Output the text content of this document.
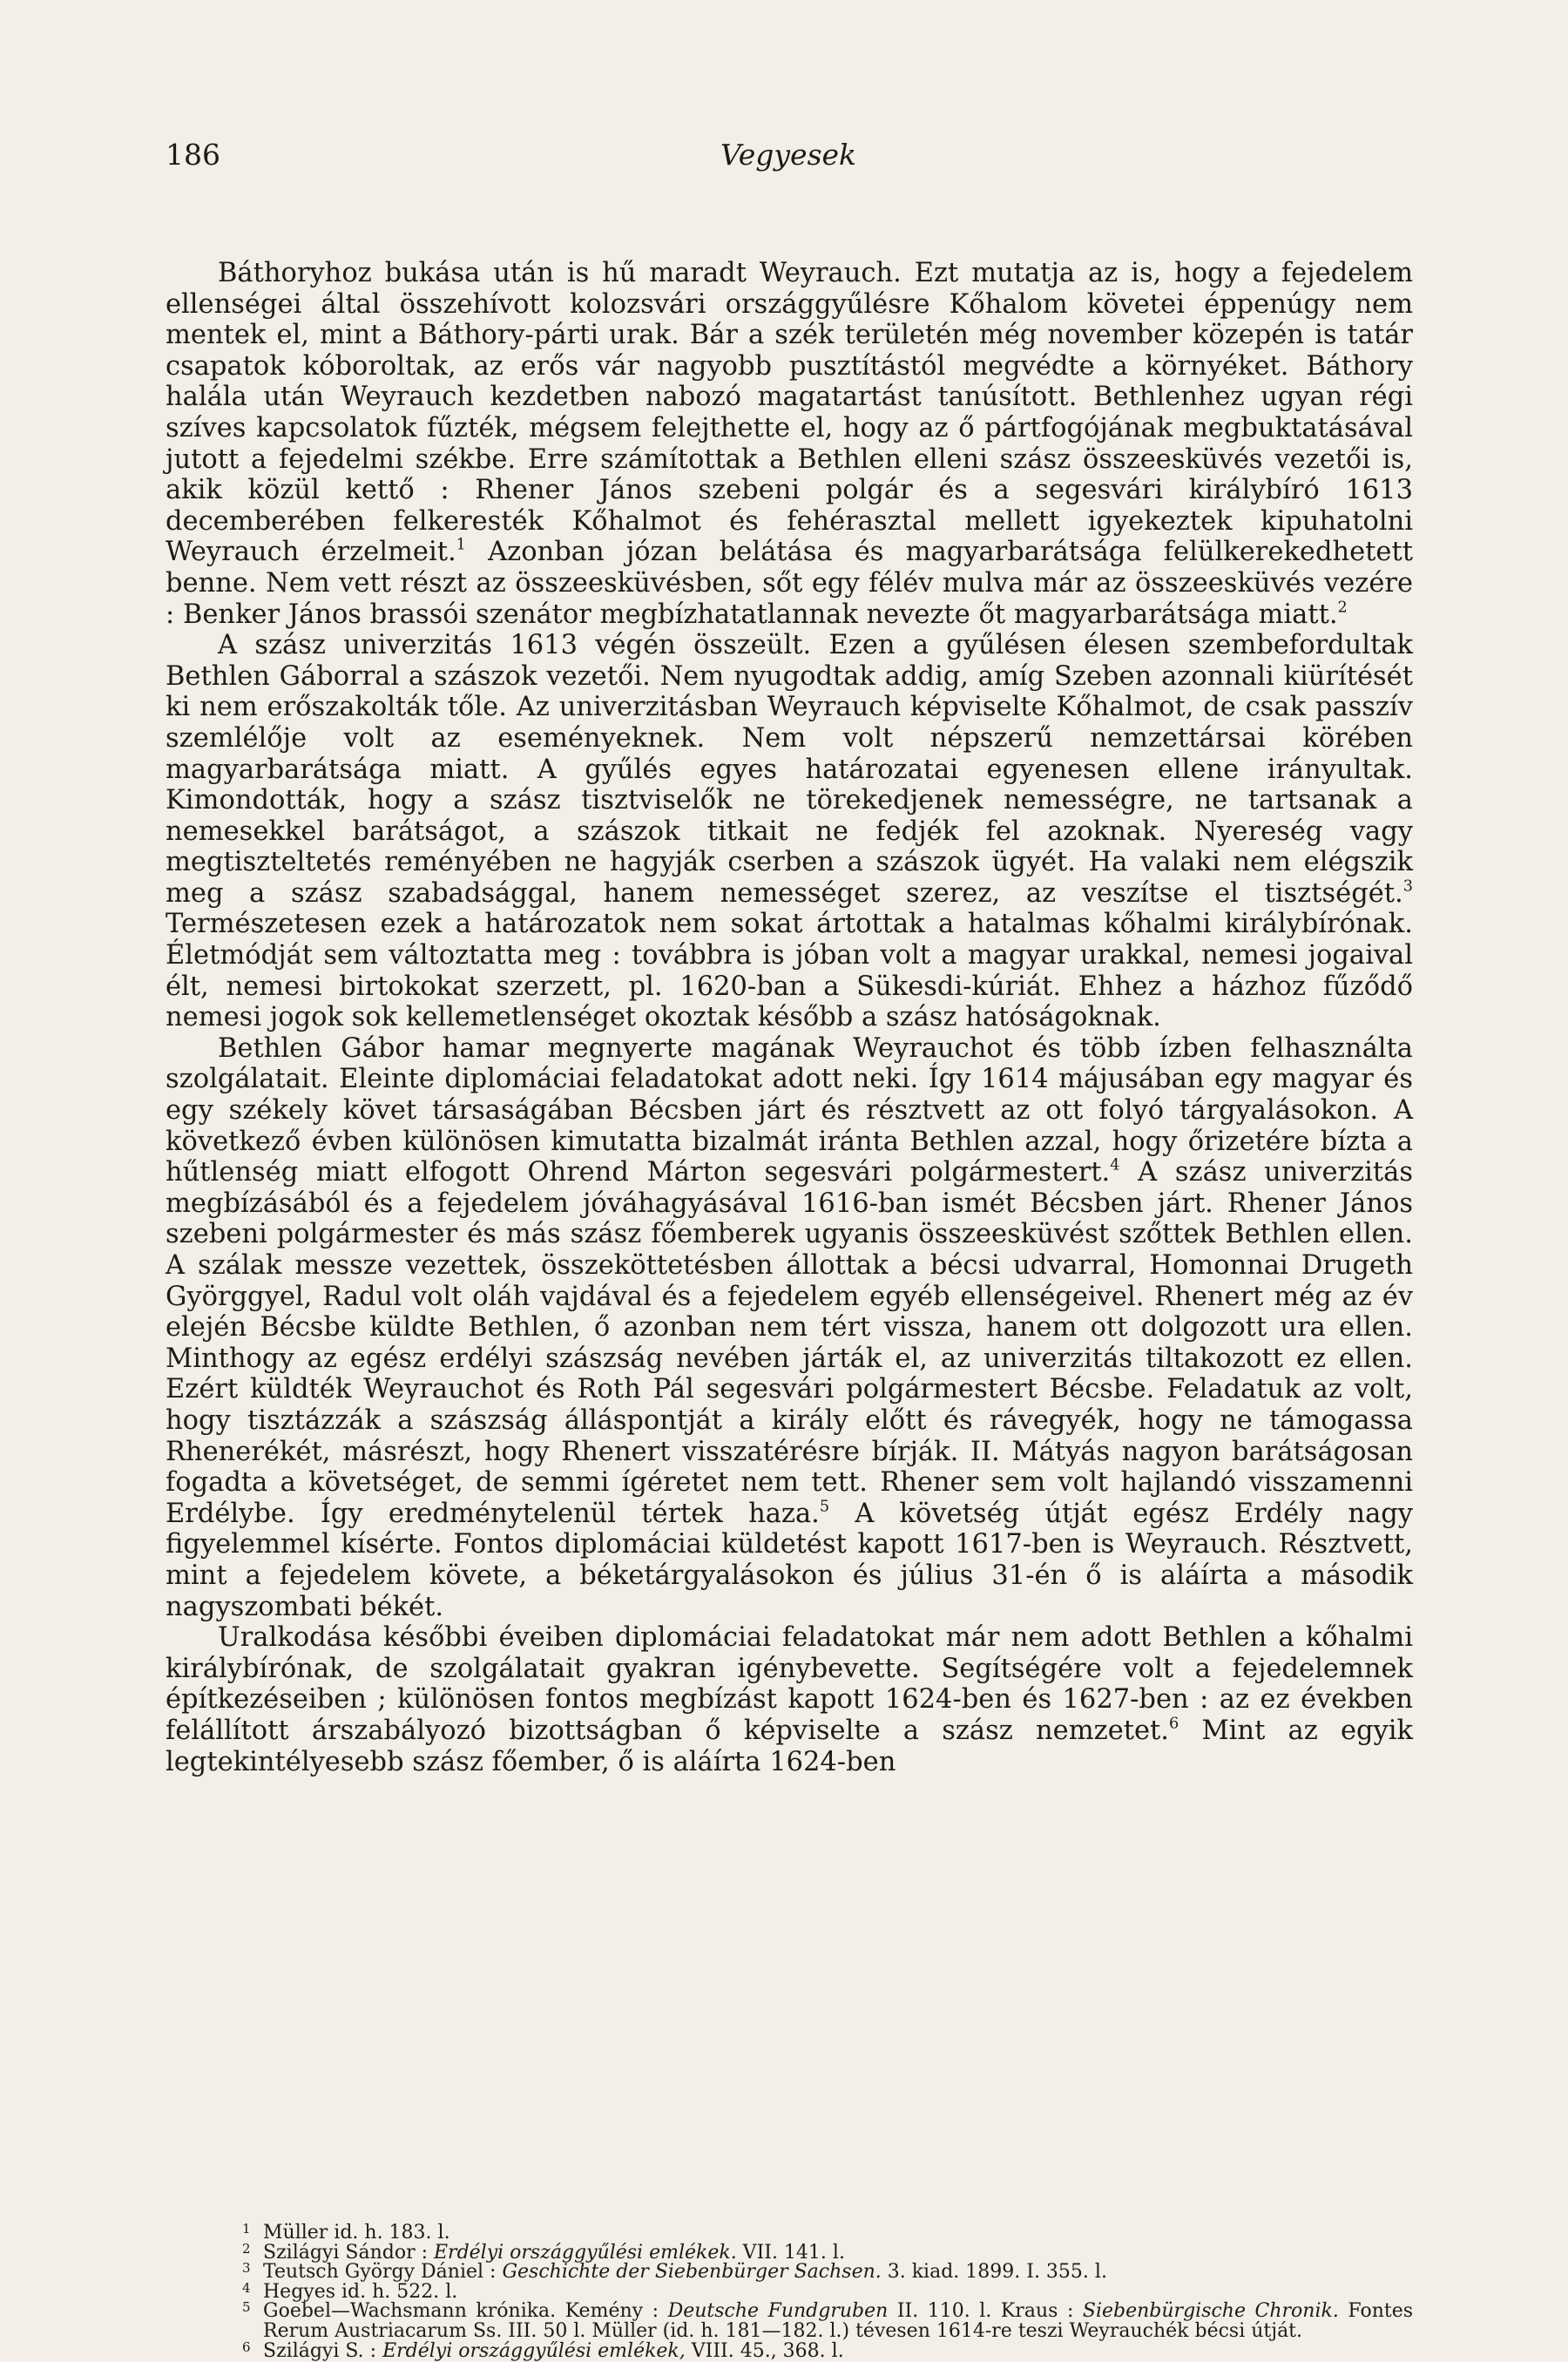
186	Vegyesek

Báthoryhoz bukása után is hű maradt Weyrauch. Ezt mutatja az is, hogy a fejedelem ellenségei által összehívott kolozsvári országgyűlésre Kőhalom követei éppenúgy nem mentek el, mint a Báthory-párti urak. Bár a szék területén még november közepén is tatár csapatok kóboroltak, az erős vár nagyobb pusztítástól megvédte a környéket. Báthory halála után Weyrauch kezdetben nabozó magatartást tanúsított. Bethlenhez ugyan régi szíves kapcsolatok fűzték, mégsem felejthette el, hogy az ő pártfogójának megbuktatásával jutott a fejedelmi székbe. Erre számítottak a Bethlen elleni szász összeesküvés vezetői is, akik közül kettő : Rhener János szebeni polgár és a segesvári királybíró 1613 decemberében felkeresték Kőhalmot és fehérasztal mellett igyekeztek kipuhatolni Weyrauch érzelmeit.$^1$ Azonban józan belátása és magyarbarátsága felülkerekedhetett benne. Nem vett részt az összeesküvésben, sőt egy félév mulva már az összeesküvés vezére : Benker János brassói szenátor megbízhatatlannak nevezte őt magyarbarátsága miatt.$^2$

A szász univerzitás 1613 végén összeült. Ezen a gyűlésen élesen szembefordultak Bethlen Gáborral a szászok vezetői. Nem nyugodtak addig, amíg Szeben azonnali kiürítését ki nem erőszakolták tőle. Az univerzitásban Weyrauch képviselte Kőhalmot, de csak passzív szemlélője volt az eseményeknek. Nem volt népszerű nemzettársai körében magyarbarátsága miatt. A gyűlés egyes határozatai egyenesen ellene irányultak. Kimondották, hogy a szász tisztviselők ne törekedjenek nemességre, ne tartsanak a nemesekkel barátságot, a szászok titkait ne fedjék fel azoknak. Nyereség vagy megtiszteltetés reményében ne hagyják cserben a szászok ügyét. Ha valaki nem elégszik meg a szász szabadsággal, hanem nemességet szerez, az veszítse el tisztségét.$^3$ Természetesen ezek a határozatok nem sokat ártottak a hatalmas kőhalmi királybírónak. Életmódját sem változtatta meg : továbbra is jóban volt a magyar urakkal, nemesi jogaival élt, nemesi birtokokat szerzett, pl. 1620-ban a Sükesdi-kúriát. Ehhez a házhoz fűződő nemesi jogok sok kellemetlenséget okoztak később a szász hatóságoknak.

Bethlen Gábor hamar megnyerte magának Weyrauchot és több ízben felhasználta szolgálatait. Eleinte diplomáciai feladatokat adott neki. Így 1614 májusában egy magyar és egy székely követ társaságában Bécsben járt és résztvett az ott folyó tárgyalásokon. A következő évben különösen kimutatta bizalmát iránta Bethlen azzal, hogy őrizetére bízta a hűtlenség miatt elfogott Ohrend Márton segesvári polgármestert.$^4$ A szász univerzitás megbízásából és a fejedelem jóváhagyásával 1616-ban ismét Bécsben járt. Rhener János szebeni polgármester és más szász főemberek ugyanis összeesküvést szőttek Bethlen ellen. A szálak messze vezettek, összeköttetésben állottak a bécsi udvarral, Homonnai Drugeth Györggyel, Radul volt oláh vajdával és a fejedelem egyéb ellenségeivel. Rhenert még az év elején Bécsbe küldte Bethlen, ő azonban nem tért vissza, hanem ott dolgozott ura ellen. Minthogy az egész erdélyi szászság nevében járták el, az univerzitás tiltakozott ez ellen. Ezért küldték Weyrauchot és Roth Pál segesvári polgármestert Bécsbe. Feladatuk az volt, hogy tisztázzák a szászság álláspontját a király előtt és rávegyék, hogy ne támogassa Rhenerékét, másrészt, hogy Rhenert visszatérésre bírják. II. Mátyás nagyon barátságosan fogadta a követséget, de semmi ígéretet nem tett. Rhener sem volt hajlandó visszamenni Erdélybe. Így eredménytelenül tértek haza.$^5$ A követség útját egész Erdély nagy figyelemmel kísérte. Fontos diplomáciai küldetést kapott 1617-ben is Weyrauch. Résztvett, mint a fejedelem követe, a béketárgyalásokon és július 31-én ő is aláírta a második nagyszombati békét.

Uralkodása későbbi éveiben diplomáciai feladatokat már nem adott Bethlen a kőhalmi királybírónak, de szolgálatait gyakran igénybevette. Segítségére volt a fejedelemnek építkezéseiben ; különösen fontos megbízást kapott 1624-ben és 1627-ben : az ez években felállított árszabályozó bizottságban ő képviselte a szász nemzetet.$^6$ Mint az egyik legtekintélyesebb szász főember, ő is aláírta 1624-ben

1 Müller id. h. 183. l.
2 Szilágyi Sándor : Erdélyi országgyűlési emlékek. VII. 141. l.
3 Teutsch György Dániel : Geschichte der Siebenbürger Sachsen. 3. kiad. 1899. I. 355. l.
4 Hegyes id. h. 522. l.
5 Goebel—Wachsmann krónika. Kemény : Deutsche Fundgruben II. 110. l. Kraus : Siebenbürgische Chronik. Fontes Rerum Austriacarum Ss. III. 50 l. Müller (id. h. 181—182. l.) tévesen 1614-re teszi Weyrauchék bécsi útját.
6 Szilágyi S. : Erdélyi országgyűlési emlékek, VIII. 45., 368. l.
